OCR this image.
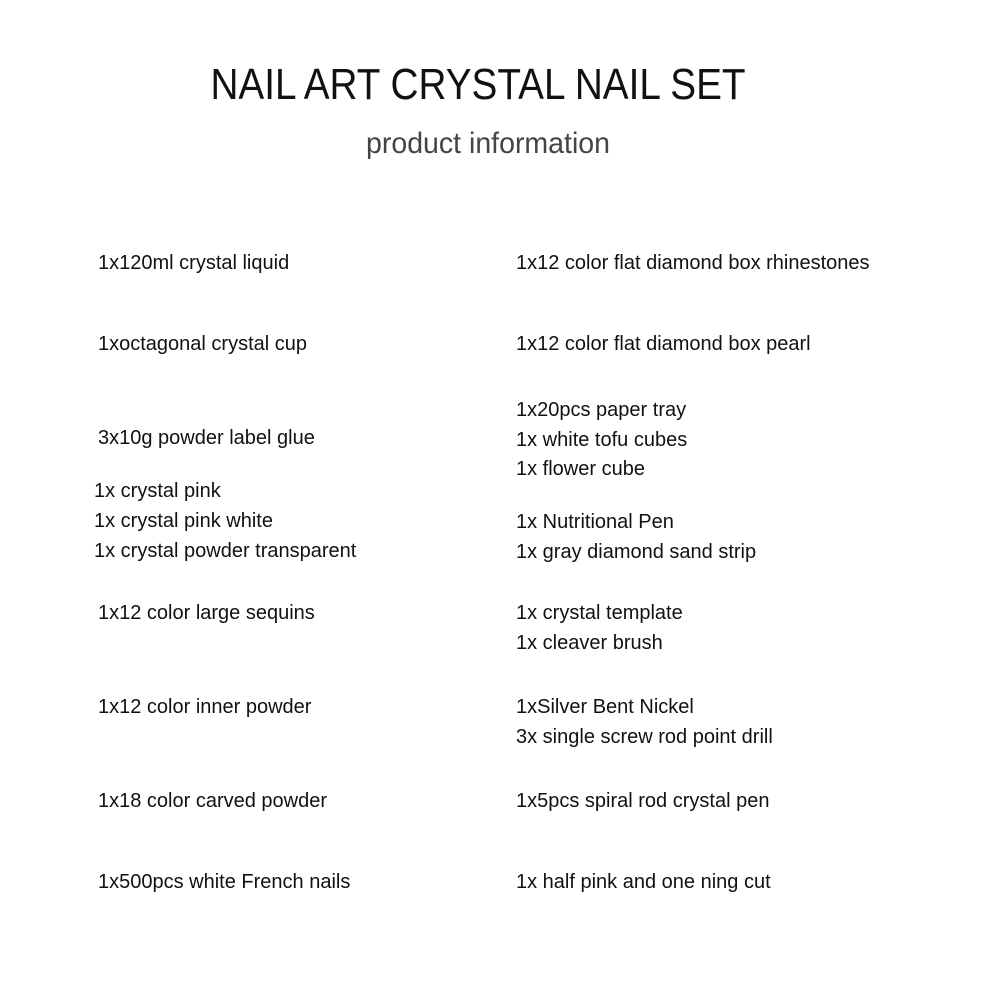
NAIL ART CRYSTAL NAIL SET
product information
1x120ml crystal liquid
1xoctagonal crystal cup
3x10g powder label glue
1x crystal pink
1x crystal pink white
1x crystal powder transparent
1x12 color large sequins
1x12 color inner powder
1x18 color carved powder
1x500pcs white French nails
1x12 color flat diamond box rhinestones
1x12 color flat diamond box pearl
1x20pcs paper tray
1x white tofu cubes
1x flower cube
1x Nutritional Pen
1x gray diamond sand strip
1x crystal template
1x cleaver brush
1xSilver Bent Nickel
3x single screw rod point drill
1x5pcs spiral rod crystal pen
1x half pink and one ning cut
